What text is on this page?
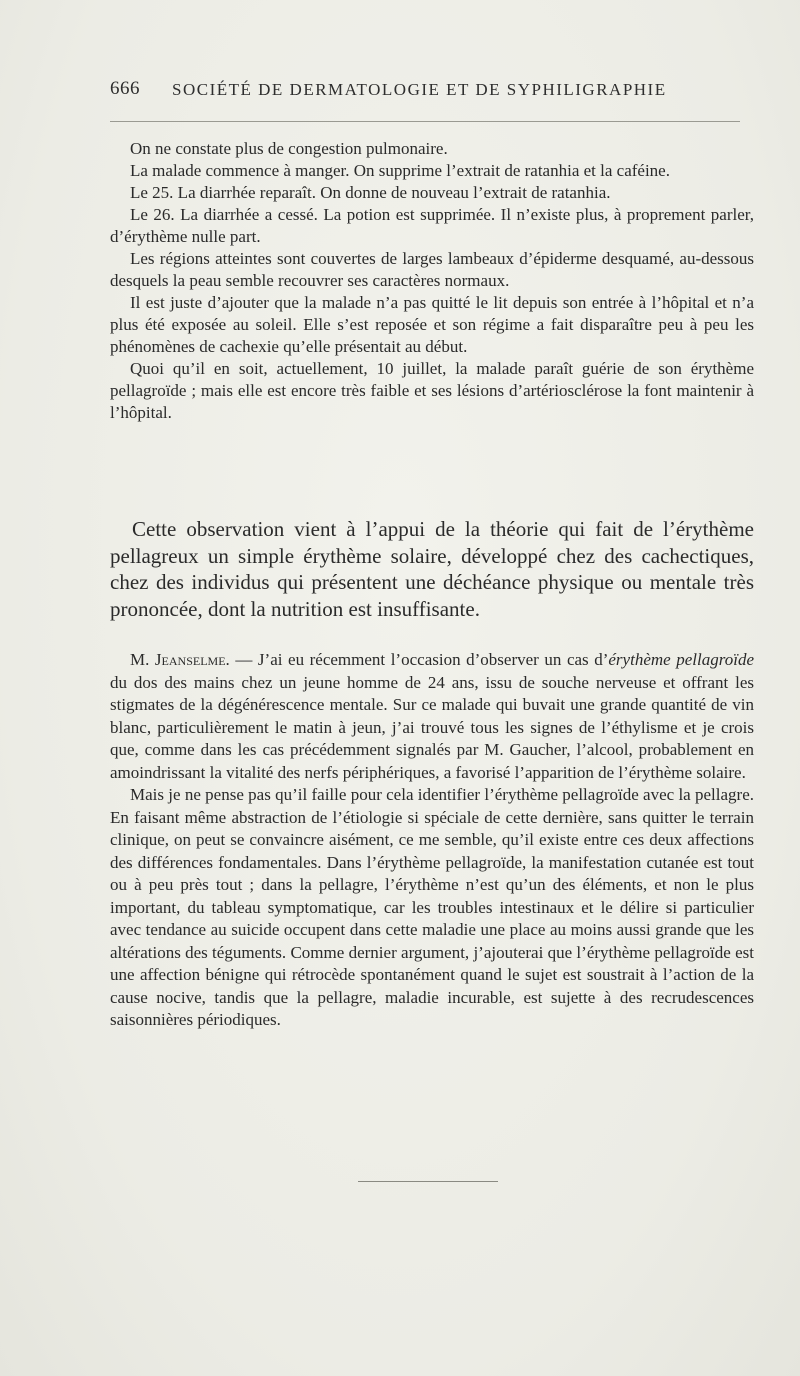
666 SOCIÉTÉ DE DERMATOLOGIE ET DE SYPHILIGRAPHIE

On ne constate plus de congestion pulmonaire.

La malade commence à manger. On supprime l’extrait de ratanhia et la caféine.

Le 25. La diarrhée reparaît. On donne de nouveau l’extrait de ratanhia.

Le 26. La diarrhée a cessé. La potion est supprimée. Il n’existe plus, à proprement parler, d’érythème nulle part.

Les régions atteintes sont couvertes de larges lambeaux d’épiderme desquamé, au-dessous desquels la peau semble recouvrer ses caractères normaux.

Il est juste d’ajouter que la malade n’a pas quitté le lit depuis son entrée à l’hôpital et n’a plus été exposée au soleil. Elle s’est reposée et son régime a fait disparaître peu à peu les phénomènes de cachexie qu’elle présentait au début.

Quoi qu’il en soit, actuellement, 10 juillet, la malade paraît guérie de son érythème pellagroïde ; mais elle est encore très faible et ses lésions d’artériosclérose la font maintenir à l’hôpital.

Cette observation vient à l’appui de la théorie qui fait de l’érythème pellagreux un simple érythème solaire, développé chez des cachectiques, chez des individus qui présentent une déchéance physique ou mentale très prononcée, dont la nutrition est insuffisante.

M. Jeanselme. — J’ai eu récemment l’occasion d’observer un cas d’érythème pellagroïde du dos des mains chez un jeune homme de 24 ans, issu de souche nerveuse et offrant les stigmates de la dégénérescence mentale. Sur ce malade qui buvait une grande quantité de vin blanc, particulièrement le matin à jeun, j’ai trouvé tous les signes de l’éthylisme et je crois que, comme dans les cas précédemment signalés par M. Gaucher, l’alcool, probablement en amoindrissant la vitalité des nerfs périphériques, a favorisé l’apparition de l’érythème solaire.

Mais je ne pense pas qu’il faille pour cela identifier l’érythème pellagroïde avec la pellagre. En faisant même abstraction de l’étiologie si spéciale de cette dernière, sans quitter le terrain clinique, on peut se convaincre aisément, ce me semble, qu’il existe entre ces deux affections des différences fondamentales. Dans l’érythème pellagroïde, la manifestation cutanée est tout ou à peu près tout ; dans la pellagre, l’érythème n’est qu’un des éléments, et non le plus important, du tableau symptomatique, car les troubles intestinaux et le délire si particulier avec tendance au suicide occupent dans cette maladie une place au moins aussi grande que les altérations des téguments. Comme dernier argument, j’ajouterai que l’érythème pellagroïde est une affection bénigne qui rétrocède spontanément quand le sujet est soustrait à l’action de la cause nocive, tandis que la pellagre, maladie incurable, est sujette à des recrudescences saisonnières périodiques.
